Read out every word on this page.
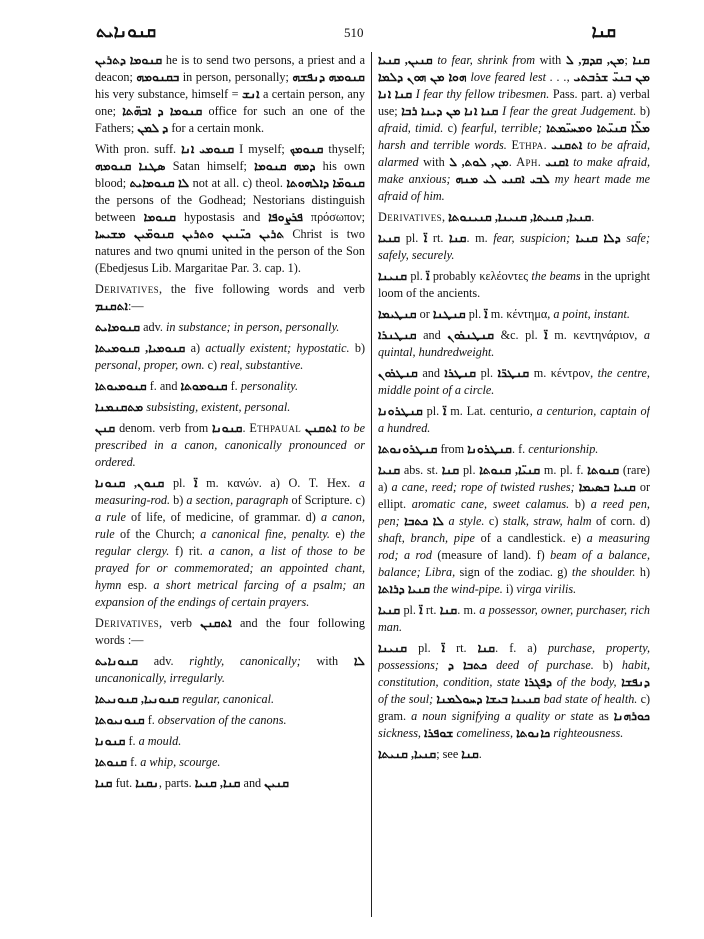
ܩܢܘܢܐܝܬ	510	ܩܢܐ

ܩܢܘܡܐ ܕܬܪܝܢ he is to send two persons, a priest and a deacon; ܒܩܢܘܡܗ in person, personally; ܩܢܘܡܗ ܕܢܦܫܗ his very substance, himself = ܐܢܫ a certain person, any one; ܩܢܘܡܐ ܕ ܐܒܗ̈ܬܐ office for such an one of the Fathers; ܕ ܠܡܢ for a certain monk.

With pron. suff. ܩܢܘܡܝ ܐܢܐ I myself; ܩܢܘܡܟ thyself; ܣܛܢܐ ܩܢܘܡܗ Satan himself; ܕܡܗ ܩܢܘܡܐ his own blood; ܠܐ ܩܢܘܡܐܝܬ not at all. c) theol. ܩܢܘܡ̈ܐ ܕܐܠܗܘܬܐ the persons of the Godhead; Nestorians distinguish between ܩܢܘܡܐ hypostasis and ܦܪܨܘܦܐ πρόσωπον; ܬܪܝܢ ܟܝ̈ܢܝܢ ܘܬܪܝܢ ܩܢܘܡ̈ܝܢ ܡܫܝܚܐ Christ is two natures and two qnumi united in the person of the Son (Ebedjesus Lib. Margaritae Par. 3. cap. 1).

Derivatives, the five following words and verb ܐܬܩܢܡ:—

ܩܢܘܡܐܝܬ adv. in substance; in person, personally.

ܩܢܘܡܝܐ, ܩܢܘܡܝܬܐ a) actually existent; hypostatic. b) personal, proper, own. c) real, substantive.

ܩܢܘܡܝܘܬܐ f. and ܩܢܘܡܘܬܐ f. personality.

ܡܬܩܢܡܢܐ subsisting, existent, personal.

ܩܢܢ denom. verb from ܩܢܘܢܐ. Ethpaual ܐܬܩܢܢ to be prescribed in a canon, canonically pronounced or ordered.

ܩܢܘܢ, ܩܢܘܢܐ pl. ܐ̈ m. κανών. a) O. T. Hex. a measuring-rod. b) a section, paragraph of Scripture. c) a rule of life, of medicine, of grammar. d) a canon, rule of the Church; a canonical fine, penalty. e) the regular clergy. f) rit. a canon, a list of those to be prayed for or commemorated; an appointed chant, hymn esp. a short metrical farcing of a psalm; an expansion of the endings of certain prayers.

Derivatives, verb ܐܬܩܢܢ and the four following words :—

ܩܢܘܢܐܝܬ adv. rightly, canonically; with ܠܐ uncanonically, irregularly.

ܩܢܘܢܝܐ, ܩܢܘܢܝܬܐ regular, canonical.

ܩܢܘܢܝܘܬܐ f. observation of the canons.

ܩܢܘܢܐ f. a mould.

ܩܢܘܬܐ f. a whip, scourge.

ܩܢܐ fut. ܢܩܢܐ, parts. ܩܢܐ, ܩܢܝܐ and ܩܢܝܢ

ܩܢܝܢ, ܩܢܝܐ to fear, shrink from with ܡܢ, ܩܕܡ, ܠ; ܩܢܐ ܗܘܐ ܡܢ ܗܘܢ ܕܠܡܐ love feared lest . . ., ܡܢ ܒܢܝ̈ ܫܪܒܬܝ ܩܢܐ ܐܢܐ I fear thy fellow tribesmen. Pass. part. a) verbal use; ܩܢܐ ܐܢܐ ܡܢ ܕܝܢܐ ܪܒܐ I fear the great Judgement. b) afraid, timid. c) fearful, terrible; ܡܠ̈ܐ ܩܢܝ̈ܬܐ ܘܡܚܝ̈ܡܬܐ harsh and terrible words. Ethpa. ܐܬܩܢܝ to be afraid, alarmed with ܡܢ, ܠܘܬ, ܠ. Aph. ܐܩܢܝ to make afraid, make anxious; ܠܒܝ ܐܩܢܝ ܠܝ ܡܢܗ my heart made me afraid of him.

Derivatives, ܩܢܝܐ, ܩܢܝܬܐ, ܩܢܝܢܐ, ܩܢܝܢܘܬܐ.

ܩܢܝܐ pl. ܐ̈ rt. ܩܢܐ. m. fear, suspicion; ܕܠܐ ܩܢܝܐ safe; safely, securely.

ܩܢܝܢܐ pl. ܐ̈ probably κελέοντες the beams in the upright loom of the ancients.

ܩܢܛܝܡܐ or ܩܢܛܢܐ pl. ܐ̈ m. κέντημα, a point, instant.

ܩܢܛܢܪܐ and ܩܢܛܢܪܘܢ &c. pl. ܐ̈ m. κεντηνάριον, a quintal, hundredweight.

ܩܢܛܪܘܢ and ܩܢܛܪܐ pl. ܩܢܛܪ̈ܐ m. κέντρον, the centre, middle point of a circle.

ܩܢܛܪܘܢܐ pl. ܐ̈ m. Lat. centurio, a centurion, captain of a hundred.

ܩܢܛܪܘܢܘܬܐ from ܩܢܛܪܘܢܐ. f. centurionship.

ܩܢܝܐ abs. st. ܩܢܐ pl. ܩܢܝ̈ܐ, ܩܢܘܬܐ m. pl. f. ܩܢܘܬܐ (rare) a) a cane, reed; rope of twisted rushes; ܩܢܝܐ ܒܣܝܡܐ or ellipt. aromatic cane, sweet calamus. b) a reed pen, pen; ܠܐ ܟܬܒܐ a style. c) stalk, straw, halm of corn. d) shaft, branch, pipe of a candlestick. e) a measuring rod; a rod (measure of land). f) beam of a balance, balance; Libra, sign of the zodiac. g) the shoulder. h) ܩܢܝܐ ܕܪܐܬܐ the wind-pipe. i) virga virilis.

ܩܢܝܐ pl. ܐ̈ rt. ܩܢܐ. m. a possessor, owner, purchaser, rich man.

ܩܢܝܢܐ pl. ܐ̈ rt. ܩܢܐ. f. a) purchase, property, possessions; ܟܬܒܐ ܕ deed of purchase. b) habit, constitution, condition, state ܕܦܓܪܐ of the body, ܕܢܦܫܐ of the soul; ܩܢܝܢܐ ܒܝܫܐ ܕܚܘܠܡܢܐ bad state of health. c) gram. a noun signifying a quality or state as ܟܘܪܗܢܐ sickness, ܫܘܦܪܐ comeliness, ܟܐܢܘܬܐ righteousness.

ܩܢܝܐ, ܩܢܝܬܐ; see ܩܢܐ.
